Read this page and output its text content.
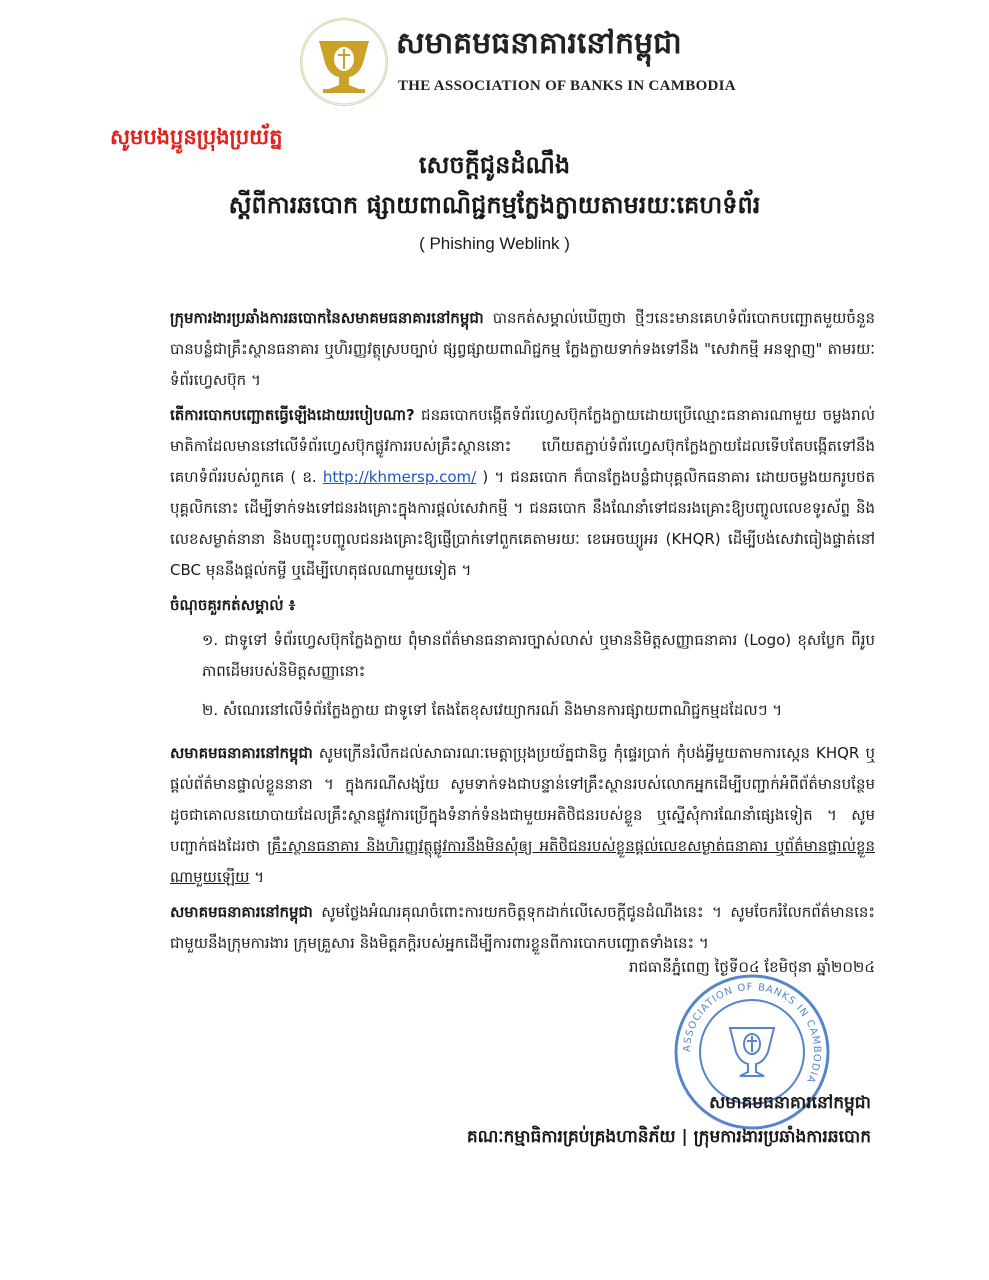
សមាគមធនាគារនៅកម្ពុជា
THE ASSOCIATION OF BANKS IN CAMBODIA
សូមបងប្អូនប្រុងប្រយ័ត្ន
សេចក្ដីជូនដំណឹង
ស្ដីពីការឆបោក ផ្សាយពាណិជ្ជកម្មក្លែងក្លាយតាមរយៈគេហទំព័រ
( Phishing Weblink )
ក្រុមការងារប្រឆាំងការឆបោកនៃសមាគមធនាគារនៅកម្ពុជា បានកត់សម្គាល់ឃើញថា ថ្មីៗនេះមានគេហទំព័របោកបញ្ឆោតមួយចំនួន បានបន្លំជាគ្រឹះស្ថានធនាគារ ឬហិរញ្ញវត្ថុស្របច្បាប់ ផ្សព្វផ្សាយពាណិជ្ជកម្ម ក្លែងក្លាយទាក់ទងទៅនឹង "សេវាកម្មី អនឡាញ" តាមរយៈទំព័រហ្វេសប៊ុក ។
តើការបោកបញ្ឆោតធ្វើឡើងដោយរបៀបណា? ជនឆបោកបង្កើតទំព័រហ្វេសប៊ុកក្លែងក្លាយដោយប្រើឈ្មោះធនាគារណាមួយ ចម្លងរាល់មាតិកាដែលមាននៅលើទំព័រហ្វេសប៊ុកផ្លូវការរបស់គ្រឹះស្ថាននោះ ហើយតភ្ជាប់ទំព័រហ្វេសប៊ុកក្លែងក្លាយដែលទើបតែបង្កើតទៅនឹងគេហទំព័ររបស់ពួកគេ ( ឧ. http://khmersp.com/ ) ។ ជនឆបោក ក៏បានក្លែងបន្លំជាបុគ្គលិកធនាគារ ដោយចម្លងយករូបថតបុគ្គលិកនោះ ដើម្បីទាក់ទងទៅជនរងគ្រោះក្នុងការផ្ដល់សេវាកម្មី ។ ជនឆបោក នឹងណែនាំទៅជនរងគ្រោះឱ្យបញ្ចូលលេខទូរស័ព្ទ និងលេខសម្ងាត់នានា និងបញ្ចុះបញ្ចូលជនរងគ្រោះឱ្យផ្ញើប្រាក់ទៅពួកគេតាមរយៈ ខេអេចឃ្យូអរ (KHQR) ដើម្បីបង់សេវាធៀងផ្ទាត់នៅ CBC មុននឹងផ្ដល់កម្ចី ឬដើម្បីហេតុផលណាមួយទៀត ។
ចំណុចគួរកត់សម្គាល់ ៖
១. ជាទូទៅ ទំព័រហ្វេសប៊ុកក្លែងក្លាយ ពុំមានព័ត៌មានធនាគារច្បាស់លាស់ ឬមាននិមិត្តសញ្ញាធនាគារ (Logo) ខុសប្លែក ពីរូបភាពដើមរបស់និមិត្តសញ្ញានោះ
២. សំណេរនៅលើទំព័រក្លែងក្លាយ ជាទូទៅ តែងតែខុសវេយ្យាករណ៍ និងមានការផ្សាយពាណិជ្ជកម្មដដែលៗ ។
សមាគមធនាគារនៅកម្ពុជា សូមក្រើនរំលឹកដល់សាធារណៈមេត្តាប្រុងប្រយ័ត្នជានិច្ច កុំផ្ទេរប្រាក់ កុំបង់អ្វីមួយតាមការស្កេន KHQR ឬផ្ដល់ព័ត៌មានផ្ទាល់ខ្លួននានា ។ ក្នុងករណីសង្ស័យ សូមទាក់ទងជាបន្ទាន់ទៅគ្រឹះស្ថានរបស់លោកអ្នកដើម្បីបញ្ជាក់អំពីព័ត៌មានបន្ថែម ដូចជាគោលនយោបាយដែលគ្រឹះស្ថានផ្លូវការប្រើក្នុងទំនាក់ទំនងជាមួយអតិថិជនរបស់ខ្លួន ឬស្នើសុំការណែនាំផ្សេងទៀត ។ សូមបញ្ជាក់ផងដែរថា គ្រឹះស្ថានធនាគារ និងហិរញ្ញវត្ថុផ្លូវការនឹងមិនសុំឲ្យ អតិថិជនរបស់ខ្លួនផ្ដល់លេខសម្ងាត់ធនាគារ ឬព័ត៌មានផ្ទាល់ខ្លួនណាមួយឡើយ ។
សមាគមធនាគារនៅកម្ពុជា សូមថ្លែងអំណរគុណចំពោះការយកចិត្តទុកដាក់លើសេចក្ដីជូនដំណឹងនេះ ។ សូមចែករំលែកព័ត៌មាននេះជាមួយនឹងក្រុមការងារ ក្រុមគ្រួសារ និងមិត្តភក្តិរបស់អ្នកដើម្បីការពារខ្លួនពីការបោកបញ្ឆោតទាំងនេះ ។
រាជធានីភ្នំពេញ ថ្ងៃទី០៤ ខែមិថុនា ឆ្នាំ២០២៤
ASSOCIATION OF BANKS IN CAMBODIA
សមាគមធនាគារនៅកម្ពុជា
គណៈកម្មាធិការគ្រប់គ្រងហានិភ័យ | ក្រុមការងារប្រឆាំងការឆបោក
